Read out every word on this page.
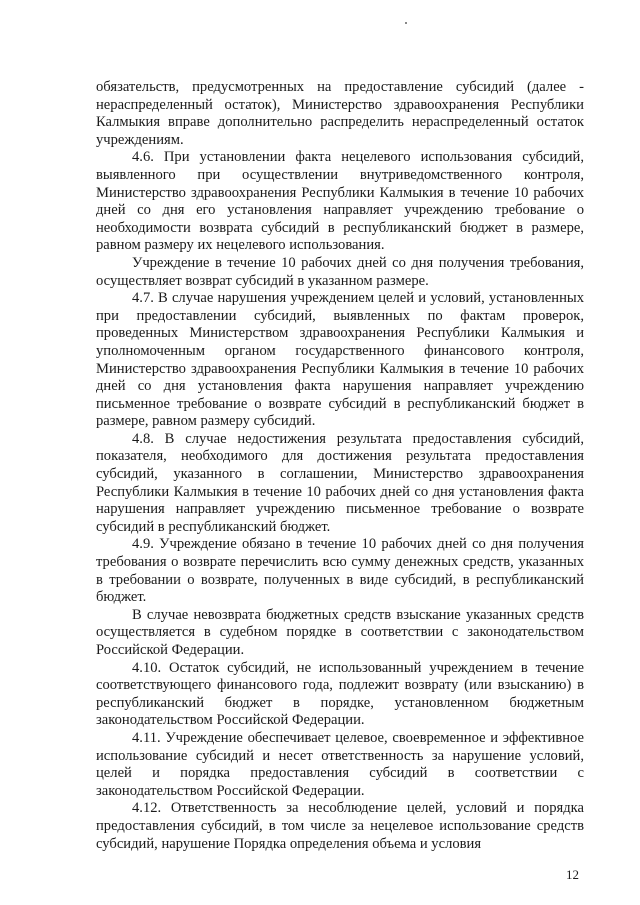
обязательств, предусмотренных на предоставление субсидий (далее - нераспределенный остаток), Министерство здравоохранения Республики Калмыкия вправе дополнительно распределить нераспределенный остаток учреждениям.

4.6. При установлении факта нецелевого использования субсидий, выявленного при осуществлении внутриведомственного контроля, Министерство здравоохранения Республики Калмыкия в течение 10 рабочих дней со дня его установления направляет учреждению требование о необходимости возврата субсидий в республиканский бюджет в размере, равном размеру их нецелевого использования.

Учреждение в течение 10 рабочих дней со дня получения требования, осуществляет возврат субсидий в указанном размере.

4.7. В случае нарушения учреждением целей и условий, установленных при предоставлении субсидий, выявленных по фактам проверок, проведенных Министерством здравоохранения Республики Калмыкия и уполномоченным органом государственного финансового контроля, Министерство здравоохранения Республики Калмыкия в течение 10 рабочих дней со дня установления факта нарушения направляет учреждению письменное требование о возврате субсидий в республиканский бюджет в размере, равном размеру субсидий.

4.8. В случае недостижения результата предоставления субсидий, показателя, необходимого для достижения результата предоставления субсидий, указанного в соглашении, Министерство здравоохранения Республики Калмыкия в течение 10 рабочих дней со дня установления факта нарушения направляет учреждению письменное требование о возврате субсидий в республиканский бюджет.

4.9. Учреждение обязано в течение 10 рабочих дней со дня получения требования о возврате перечислить всю сумму денежных средств, указанных в требовании о возврате, полученных в виде субсидий, в республиканский бюджет.

В случае невозврата бюджетных средств взыскание указанных средств осуществляется в судебном порядке в соответствии с законодательством Российской Федерации.

4.10. Остаток субсидий, не использованный учреждением в течение соответствующего финансового года, подлежит возврату (или взысканию) в республиканский бюджет в порядке, установленном бюджетным законодательством Российской Федерации.

4.11. Учреждение обеспечивает целевое, своевременное и эффективное использование субсидий и несет ответственность за нарушение условий, целей и порядка предоставления субсидий в соответствии с законодательством Российской Федерации.

4.12. Ответственность за несоблюдение целей, условий и порядка предоставления субсидий, в том числе за нецелевое использование средств субсидий, нарушение Порядка определения объема и условия

12
